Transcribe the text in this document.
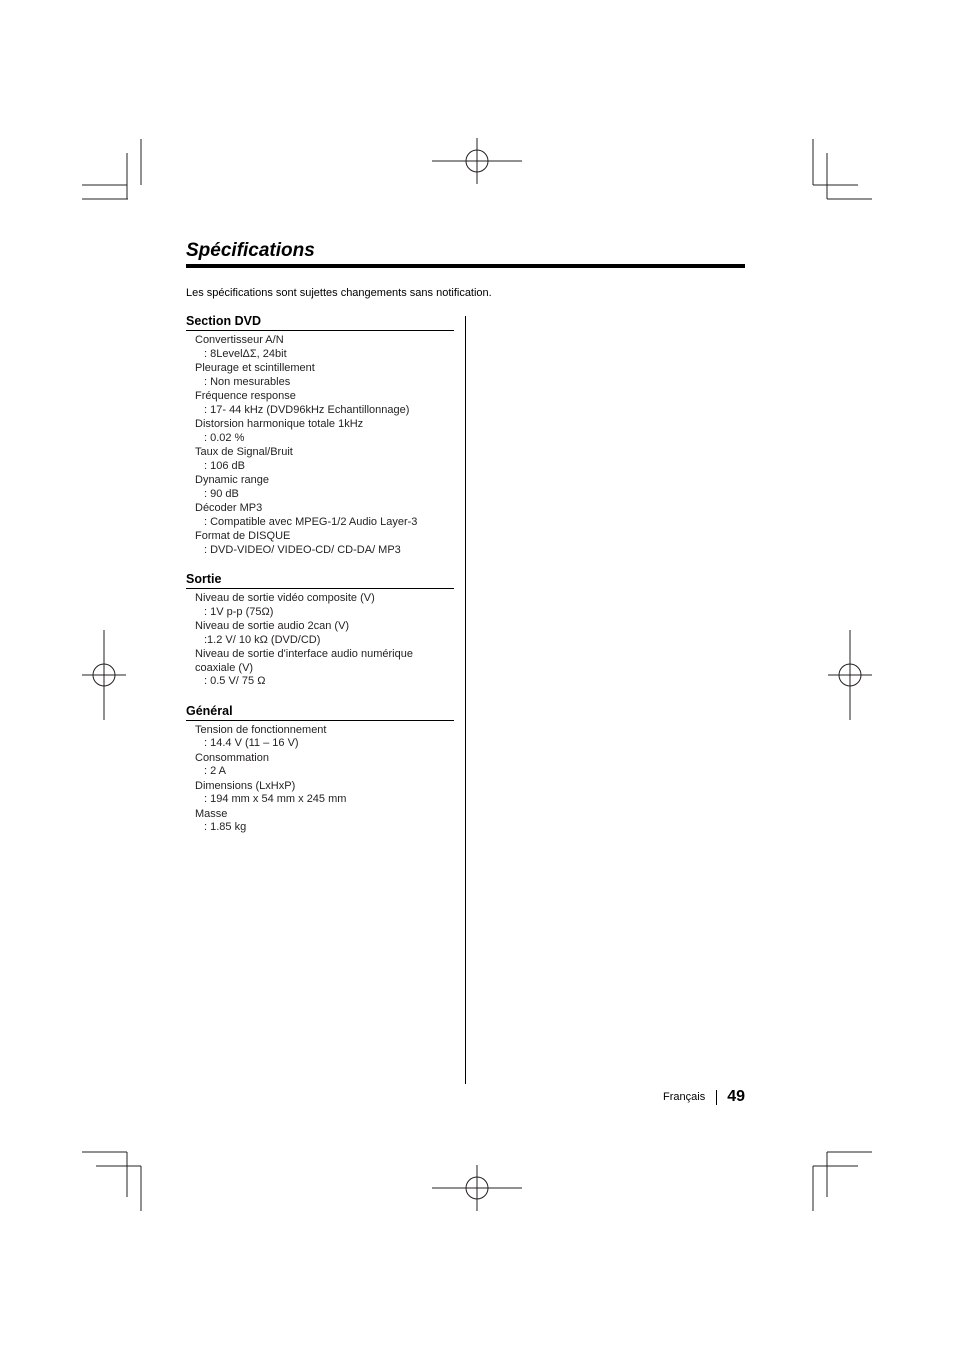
Spécifications
Les spécifications sont sujettes changements sans notification.
Section DVD
Convertisseur A/N
: 8LevelΔΣ, 24bit
Pleurage et scintillement
: Non mesurables
Fréquence response
: 17- 44 kHz (DVD96kHz Echantillonnage)
Distorsion harmonique totale 1kHz
: 0.02 %
Taux de Signal/Bruit
: 106 dB
Dynamic range
: 90 dB
Décoder MP3
: Compatible avec MPEG-1/2 Audio Layer-3
Format de DISQUE
: DVD-VIDEO/ VIDEO-CD/ CD-DA/ MP3
Sortie
Niveau de sortie vidéo composite (V)
: 1V p-p (75Ω)
Niveau de sortie audio 2can (V)
:1.2 V/ 10 kΩ (DVD/CD)
Niveau de sortie d'interface audio numérique coaxiale (V)
: 0.5 V/ 75 Ω
Général
Tension de fonctionnement
: 14.4 V (11 – 16 V)
Consommation
: 2 A
Dimensions (LxHxP)
: 194 mm x 54 mm x 245 mm
Masse
: 1.85 kg
Français 49
